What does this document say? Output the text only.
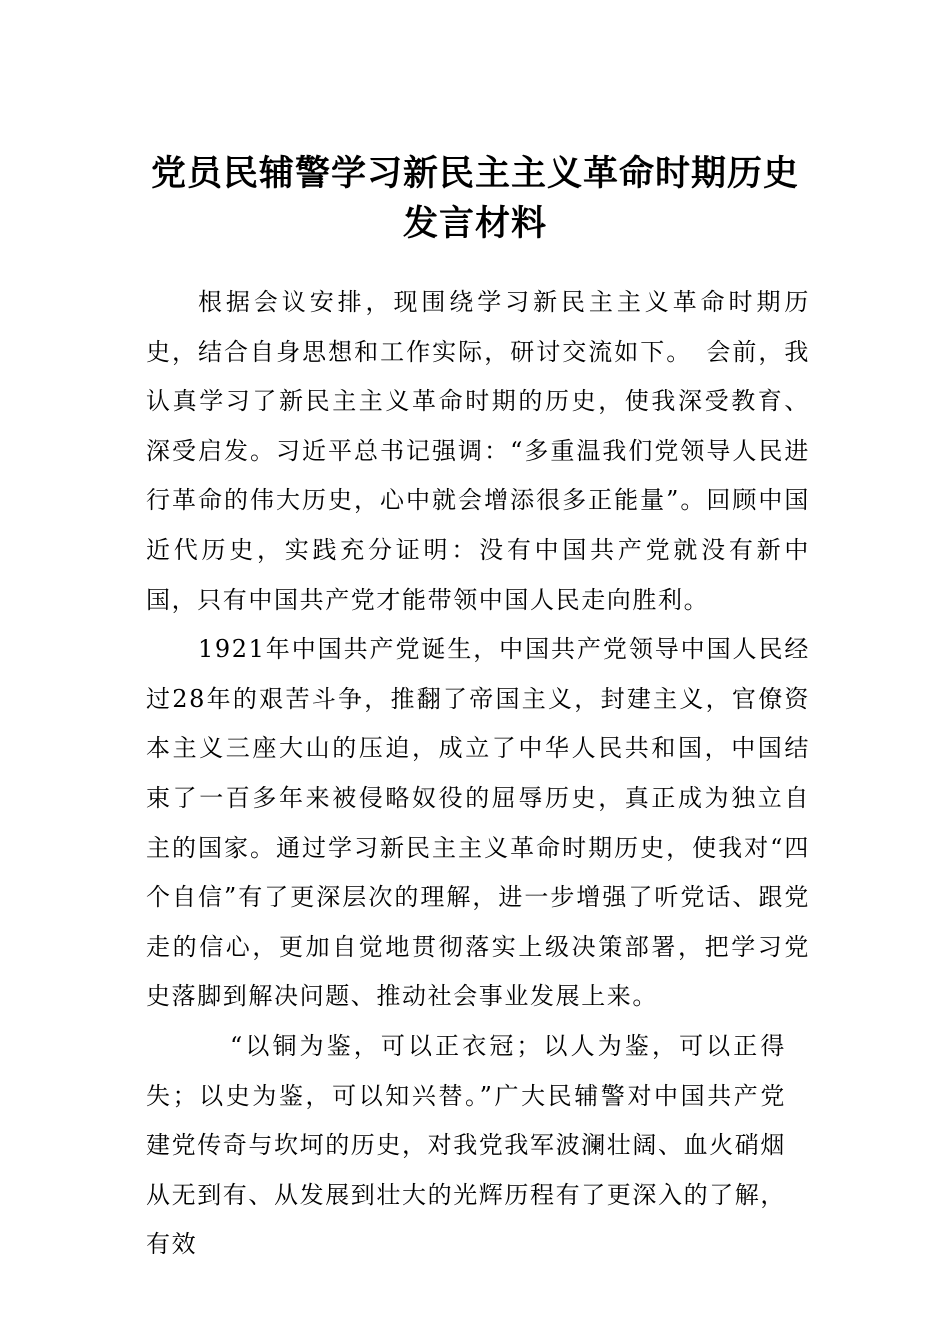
党员民辅警学习新民主主义革命时期历史
发言材料

根据会议安排，现围绕学习新民主主义革命时期历史，结合自身思想和工作实际，研讨交流如下。　会前，我认真学习了新民主主义革命时期的历史，使我深受教育、深受启发。习近平总书记强调：“多重温我们党领导人民进行革命的伟大历史，心中就会增添很多正能量”。回顾中国近代历史，实践充分证明：没有中国共产党就没有新中国，只有中国共产党才能带领中国人民走向胜利。

1921年中国共产党诞生，中国共产党领导中国人民经过28年的艰苦斗争，推翻了帝国主义，封建主义，官僚资本主义三座大山的压迫，成立了中华人民共和国，中国结束了一百多年来被侵略奴役的屈辱历史，真正成为独立自主的国家。通过学习新民主主义革命时期历史，使我对“四个自信”有了更深层次的理解，进一步增强了听党话、跟党走的信心，更加自觉地贯彻落实上级决策部署，把学习党史落脚到解决问题、推动社会事业发展上来。

“以铜为鉴，可以正衣冠；以人为鉴，可以正得失；以史为鉴，可以知兴替。”广大民辅警对中国共产党建党传奇与坎坷的历史，对我党我军波澜壮阔、血火硝烟从无到有、从发展到壮大的光辉历程有了更深入的了解，有效
